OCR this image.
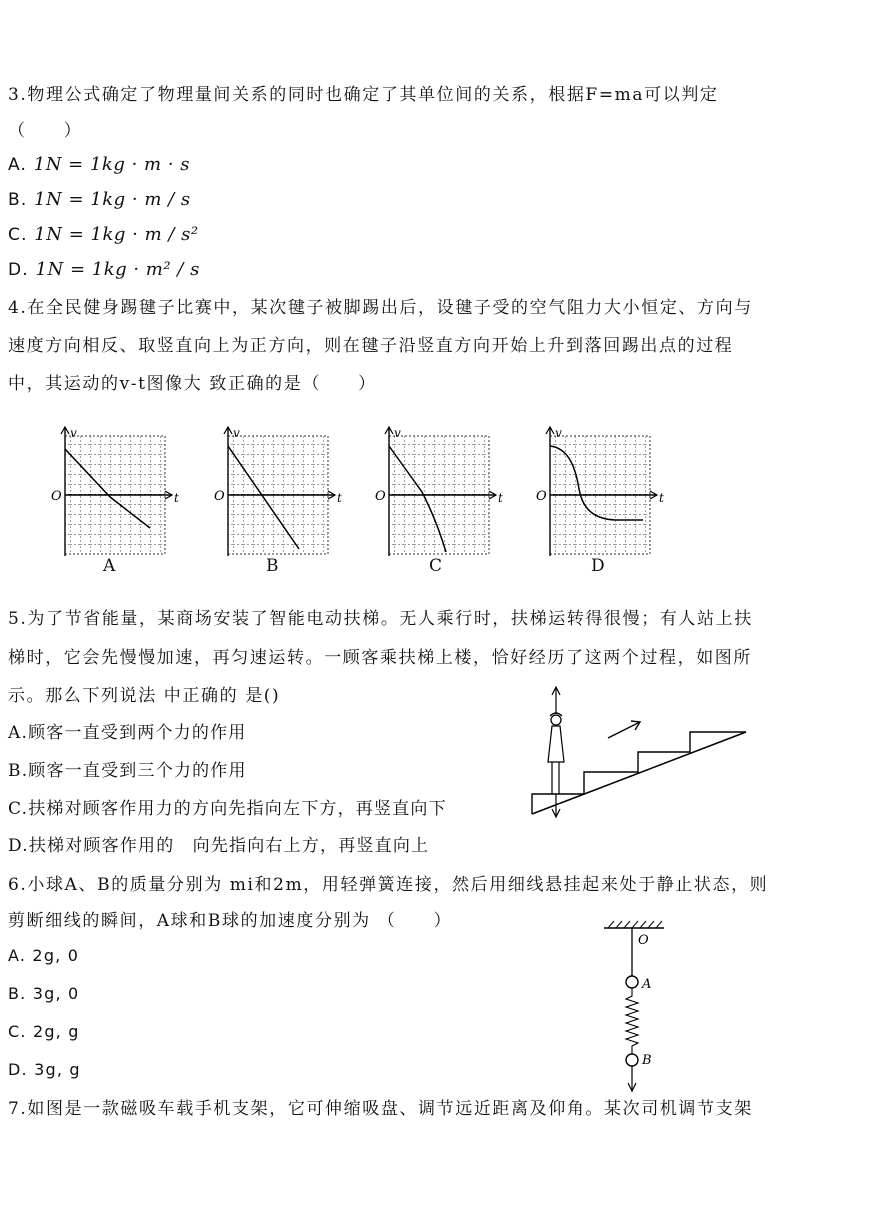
3.物理公式确定了物理量间关系的同时也确定了其单位间的关系，根据F=ma可以判定
（　　）
A. 1N = 1kg · m · s
B. 1N = 1kg · m / s
C. 1N = 1kg · m / s²
D. 1N = 1kg · m² / s
4.在全民健身踢毽子比赛中，某次毽子被脚踢出后，设毽子受的空气阻力大小恒定、方向与
速度方向相反、取竖直向上为正方向，则在毽子沿竖直方向开始上升到落回踢出点的过程
中，其运动的v-t图像大 致正确的是（　　）
v
t
O
v
t
O
v
t
O
v
t
O
A	B	C	D
5.为了节省能量，某商场安装了智能电动扶梯。无人乘行时，扶梯运转得很慢；有人站上扶
梯时，它会先慢慢加速，再匀速运转。一顾客乘扶梯上楼，恰好经历了这两个过程，如图所
示。那么下列说法 中正确的 是()
A.顾客一直受到两个力的作用
B.顾客一直受到三个力的作用
C.扶梯对顾客作用力的方向先指向左下方，再竖直向下
D.扶梯对顾客作用的　向先指向右上方，再竖直向上
6.小球A、B的质量分别为 mi和2m，用轻弹簧连接，然后用细线悬挂起来处于静止状态，则
剪断细线的瞬间，A球和B球的加速度分别为 （　　）
A. 2g, 0
B. 3g, 0
C. 2g, g
D. 3g, g
O
A
B
7.如图是一款磁吸车载手机支架，它可伸缩吸盘、调节远近距离及仰角。某次司机调节支架
